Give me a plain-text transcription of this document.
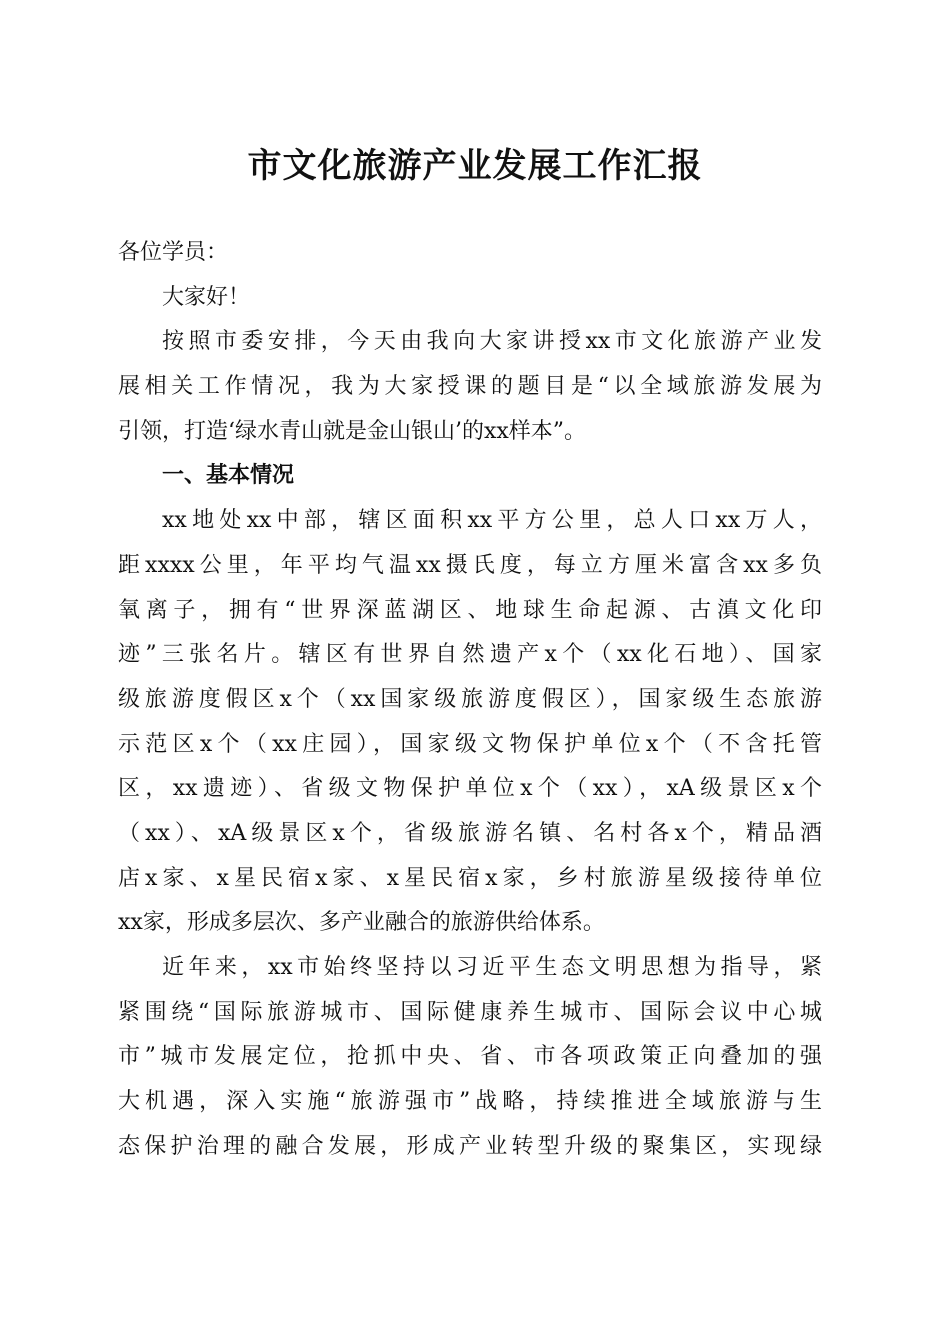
市文化旅游产业发展工作汇报
各位学员：
大家好！
按照市委安排，今天由我向大家讲授xx市文化旅游产业发
展相关工作情况，我为大家授课的题目是“以全域旅游发展为
引领，打造‘绿水青山就是金山银山’的xx样本”。
一、基本情况
xx地处xx中部，辖区面积xx平方公里，总人口xx万人，
距xxxx公里，年平均气温xx摄氏度，每立方厘米富含xx多负
氧离子，拥有“世界深蓝湖区、地球生命起源、古滇文化印
迹”三张名片。辖区有世界自然遗产x个（xx化石地）、国家
级旅游度假区x个（xx国家级旅游度假区），国家级生态旅游
示范区x个（xx庄园），国家级文物保护单位x个（不含托管
区，xx遗迹）、省级文物保护单位x个（xx），xA级景区x个
（xx）、xA级景区x个，省级旅游名镇、名村各x个，精品酒
店x家、x星民宿x家、x星民宿x家，乡村旅游星级接待单位
xx家，形成多层次、多产业融合的旅游供给体系。
近年来，xx市始终坚持以习近平生态文明思想为指导，紧
紧围绕“国际旅游城市、国际健康养生城市、国际会议中心城
市”城市发展定位，抢抓中央、省、市各项政策正向叠加的强
大机遇，深入实施“旅游强市”战略，持续推进全域旅游与生
态保护治理的融合发展，形成产业转型升级的聚集区，实现绿
